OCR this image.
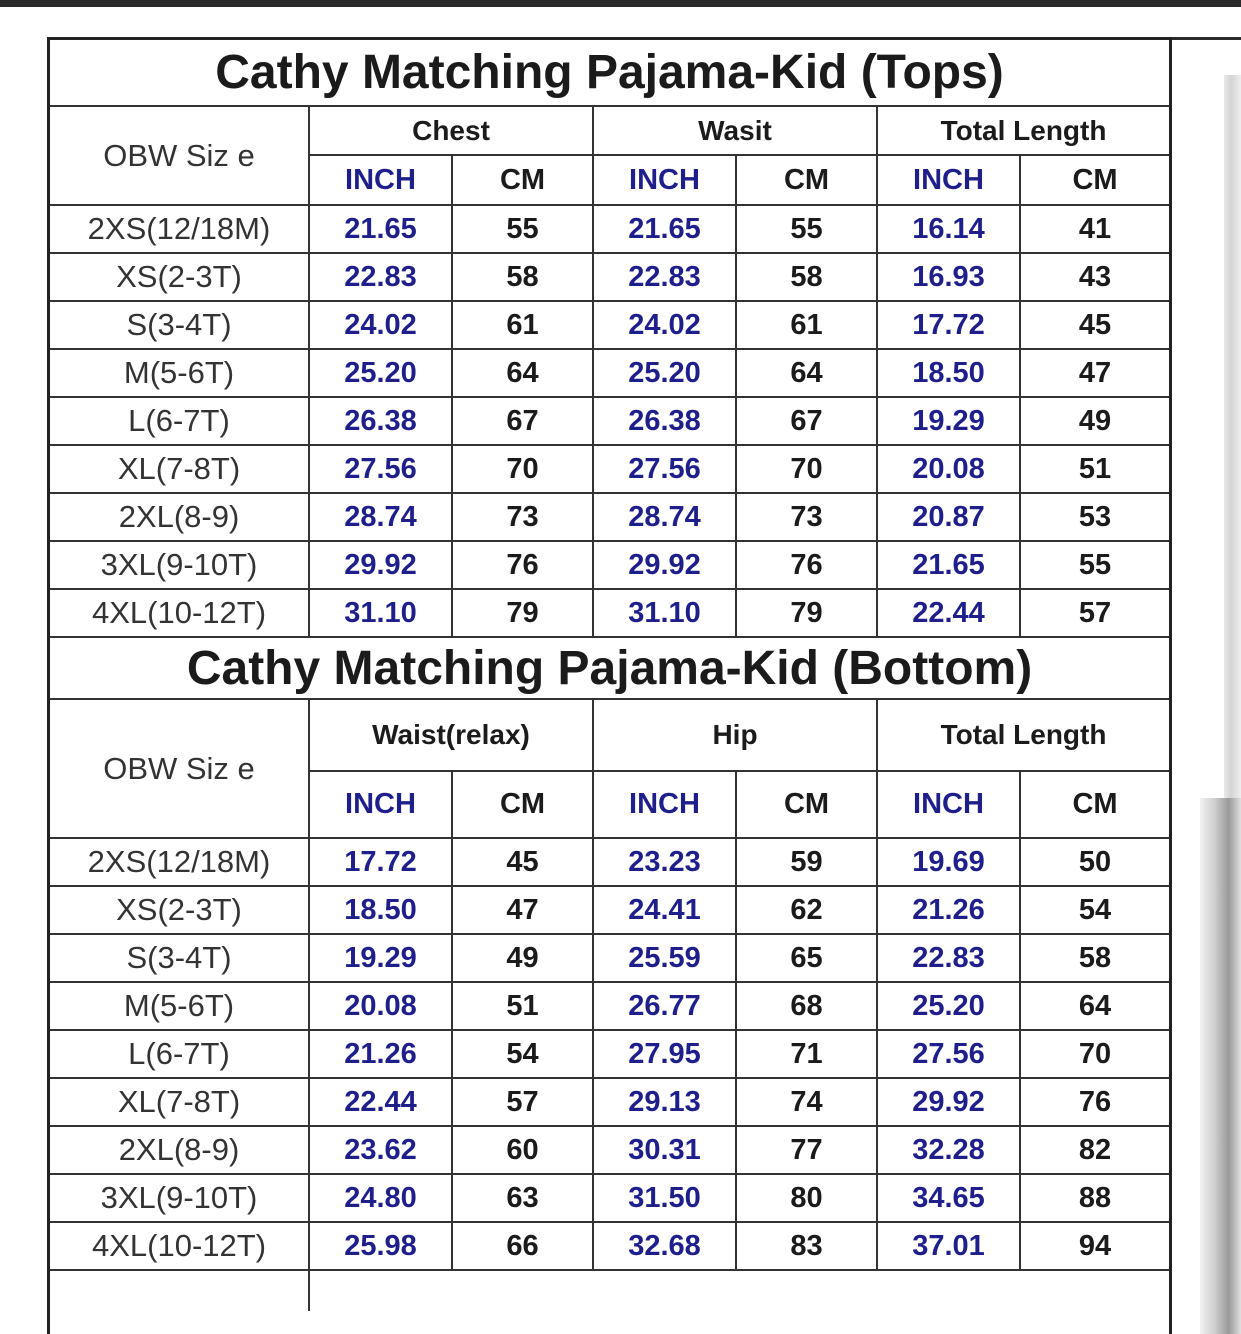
Cathy Matching Pajama-Kid (Tops)						
OBW Siz e	Chest		Wasit		Total Length	
	INCH	CM	INCH	CM	INCH	CM
2XS(12/18M)	21.65	55	21.65	55	16.14	41
XS(2-3T)	22.83	58	22.83	58	16.93	43
S(3-4T)	24.02	61	24.02	61	17.72	45
M(5-6T)	25.20	64	25.20	64	18.50	47
L(6-7T)	26.38	67	26.38	67	19.29	49
XL(7-8T)	27.56	70	27.56	70	20.08	51
2XL(8-9)	28.74	73	28.74	73	20.87	53
3XL(9-10T)	29.92	76	29.92	76	21.65	55
4XL(10-12T)	31.10	79	31.10	79	22.44	57
Cathy Matching Pajama-Kid (Bottom)						
OBW Siz e	Waist(relax)		Hip		Total Length	
	INCH	CM	INCH	CM	INCH	CM
2XS(12/18M)	17.72	45	23.23	59	19.69	50
XS(2-3T)	18.50	47	24.41	62	21.26	54
S(3-4T)	19.29	49	25.59	65	22.83	58
M(5-6T)	20.08	51	26.77	68	25.20	64
L(6-7T)	21.26	54	27.95	71	27.56	70
XL(7-8T)	22.44	57	29.13	74	29.92	76
2XL(8-9)	23.62	60	30.31	77	32.28	82
3XL(9-10T)	24.80	63	31.50	80	34.65	88
4XL(10-12T)	25.98	66	32.68	83	37.01	94
